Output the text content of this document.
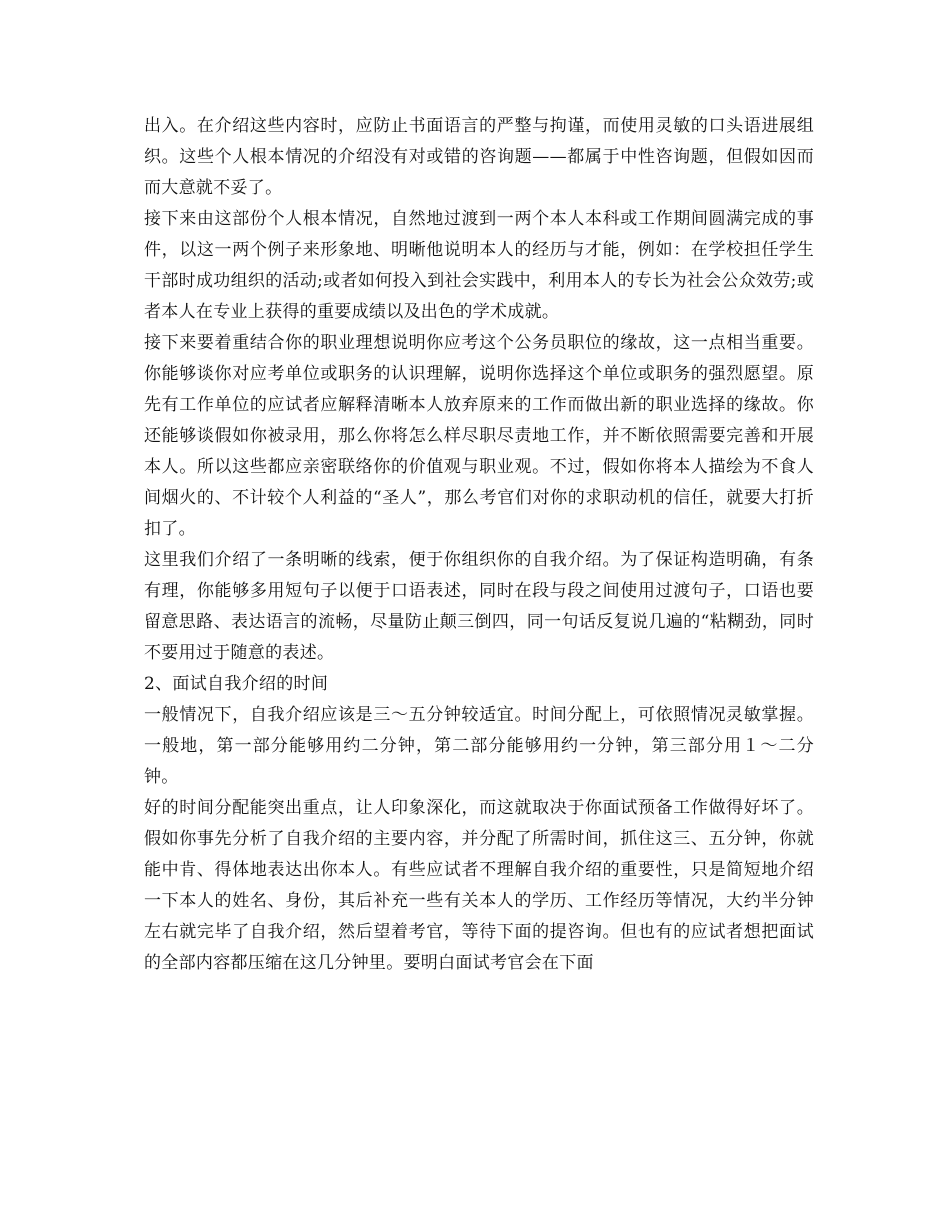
出入。在介绍这些内容时，应防止书面语言的严整与拘谨，而使用灵敏的口头语进展组织。这些个人根本情况的介绍没有对或错的咨询题——都属于中性咨询题，但假如因而而大意就不妥了。

接下来由这部份个人根本情况，自然地过渡到一两个本人本科或工作期间圆满完成的事件，以这一两个例子来形象地、明晰他说明本人的经历与才能，例如：在学校担任学生干部时成功组织的活动;或者如何投入到社会实践中，利用本人的专长为社会公众效劳;或者本人在专业上获得的重要成绩以及出色的学术成就。

接下来要着重结合你的职业理想说明你应考这个公务员职位的缘故，这一点相当重要。你能够谈你对应考单位或职务的认识理解，说明你选择这个单位或职务的强烈愿望。原先有工作单位的应试者应解释清晰本人放弃原来的工作而做出新的职业选择的缘故。你还能够谈假如你被录用，那么你将怎么样尽职尽责地工作，并不断依照需要完善和开展本人。所以这些都应亲密联络你的价值观与职业观。不过，假如你将本人描绘为不食人间烟火的、不计较个人利益的“圣人”，那么考官们对你的求职动机的信任，就要大打折扣了。

这里我们介绍了一条明晰的线索，便于你组织你的自我介绍。为了保证构造明确，有条有理，你能够多用短句子以便于口语表述，同时在段与段之间使用过渡句子，口语也要留意思路、表达语言的流畅，尽量防止颠三倒四，同一句话反复说几遍的“粘糊劲，同时不要用过于随意的表述。

2、面试自我介绍的时间

一般情况下，自我介绍应该是三～五分钟较适宜。时间分配上，可依照情况灵敏掌握。一般地，第一部分能够用约二分钟，第二部分能够用约一分钟，第三部分用１～二分钟。

好的时间分配能突出重点，让人印象深化，而这就取决于你面试预备工作做得好坏了。假如你事先分析了自我介绍的主要内容，并分配了所需时间，抓住这三、五分钟，你就能中肯、得体地表达出你本人。有些应试者不理解自我介绍的重要性，只是简短地介绍一下本人的姓名、身份，其后补充一些有关本人的学历、工作经历等情况，大约半分钟左右就完毕了自我介绍，然后望着考官，等待下面的提咨询。但也有的应试者想把面试的全部内容都压缩在这几分钟里。要明白面试考官会在下面
